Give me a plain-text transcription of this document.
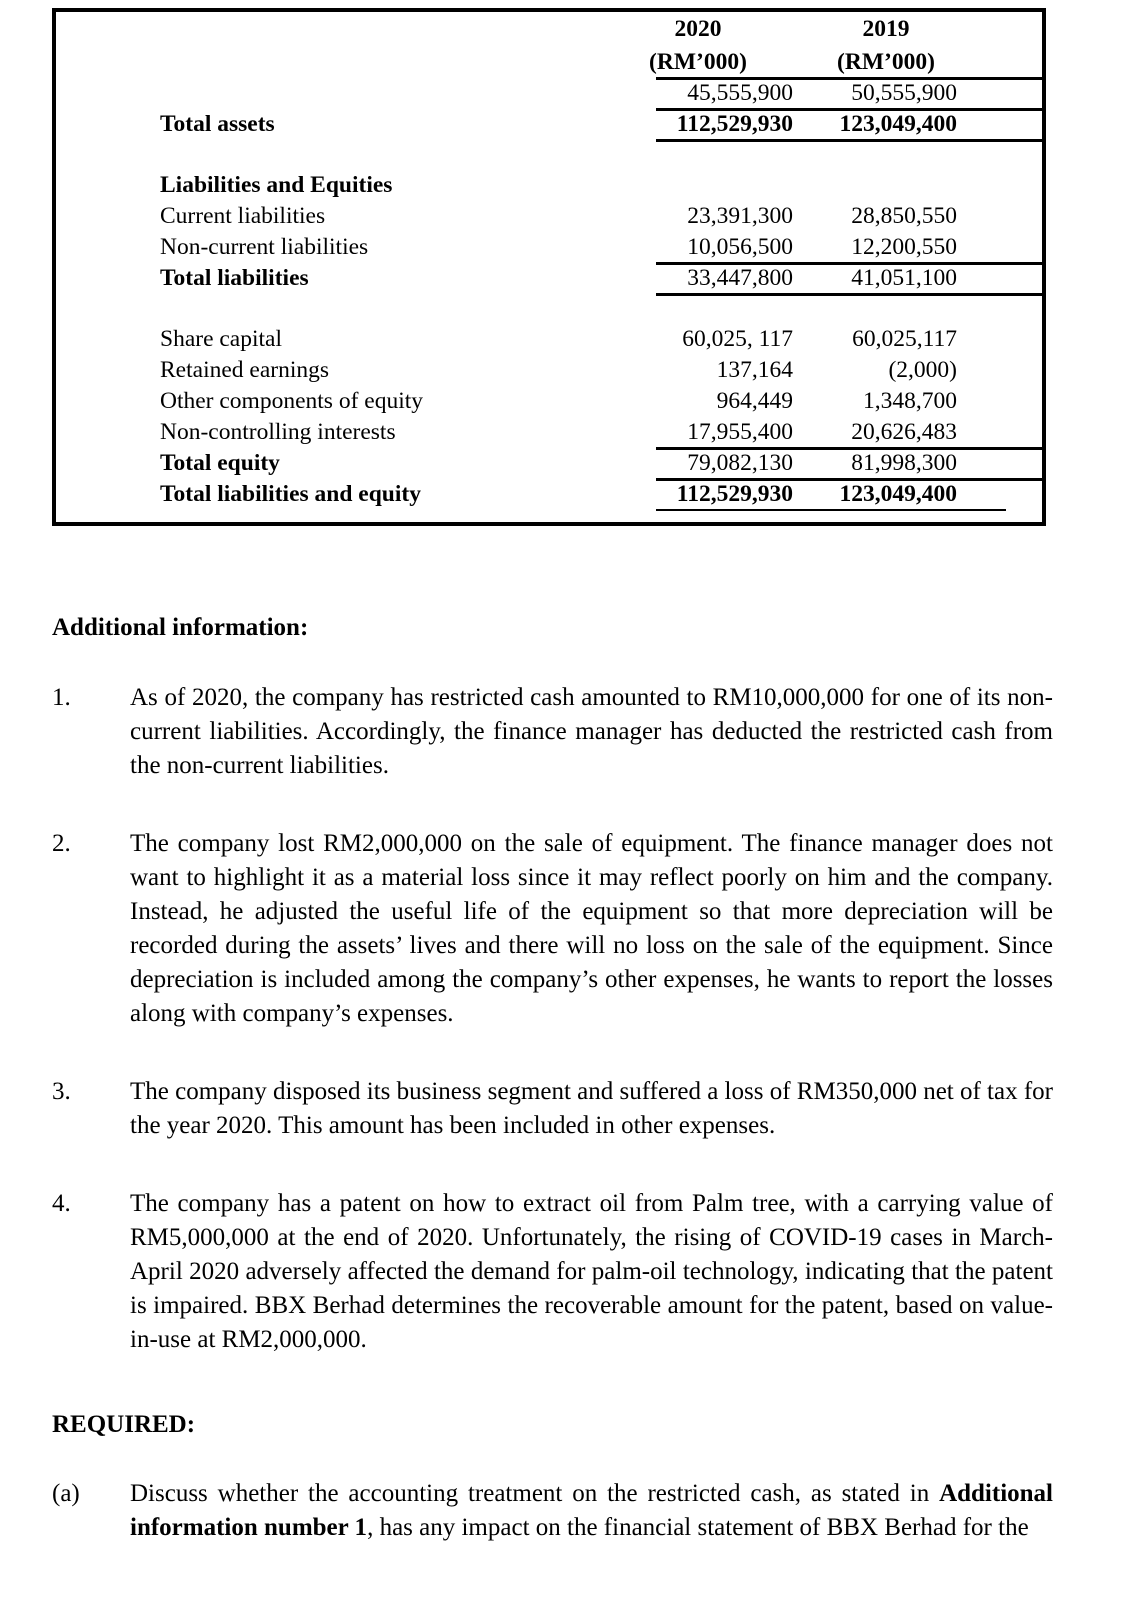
	2020	2019
	(RM’000)	(RM’000)

	45,555,900	50,555,900

Total assets	112,529,930	123,049,400

Liabilities and Equities		
Current liabilities	23,391,300	28,850,550
Non-current liabilities	10,056,500	12,200,550

Total liabilities	33,447,800	41,051,100

Share capital	60,025, 117	60,025,117
Retained earnings	137,164	(2,000)
Other components of equity	964,449	1,348,700
Non-controlling interests	17,955,400	20,626,483

Total equity	79,082,130	81,998,300

Total liabilities and equity	112,529,930	123,049,400

Additional information:
1. As of 2020, the company has restricted cash amounted to RM10,000,000 for one of its non-current liabilities. Accordingly, the finance manager has deducted the restricted cash from the non-current liabilities.
2. The company lost RM2,000,000 on the sale of equipment. The finance manager does not want to highlight it as a material loss since it may reflect poorly on him and the company. Instead, he adjusted the useful life of the equipment so that more depreciation will be recorded during the assets’ lives and there will no loss on the sale of the equipment. Since depreciation is included among the company’s other expenses, he wants to report the losses along with company’s expenses.
3. The company disposed its business segment and suffered a loss of RM350,000 net of tax for the year 2020. This amount has been included in other expenses.
4. The company has a patent on how to extract oil from Palm tree, with a carrying value of RM5,000,000 at the end of 2020. Unfortunately, the rising of COVID-19 cases in March-April 2020 adversely affected the demand for palm-oil technology, indicating that the patent is impaired. BBX Berhad determines the recoverable amount for the patent, based on value-in-use at RM2,000,000.
REQUIRED:
(a) Discuss whether the accounting treatment on the restricted cash, as stated in Additional information number 1, has any impact on the financial statement of BBX Berhad for the
